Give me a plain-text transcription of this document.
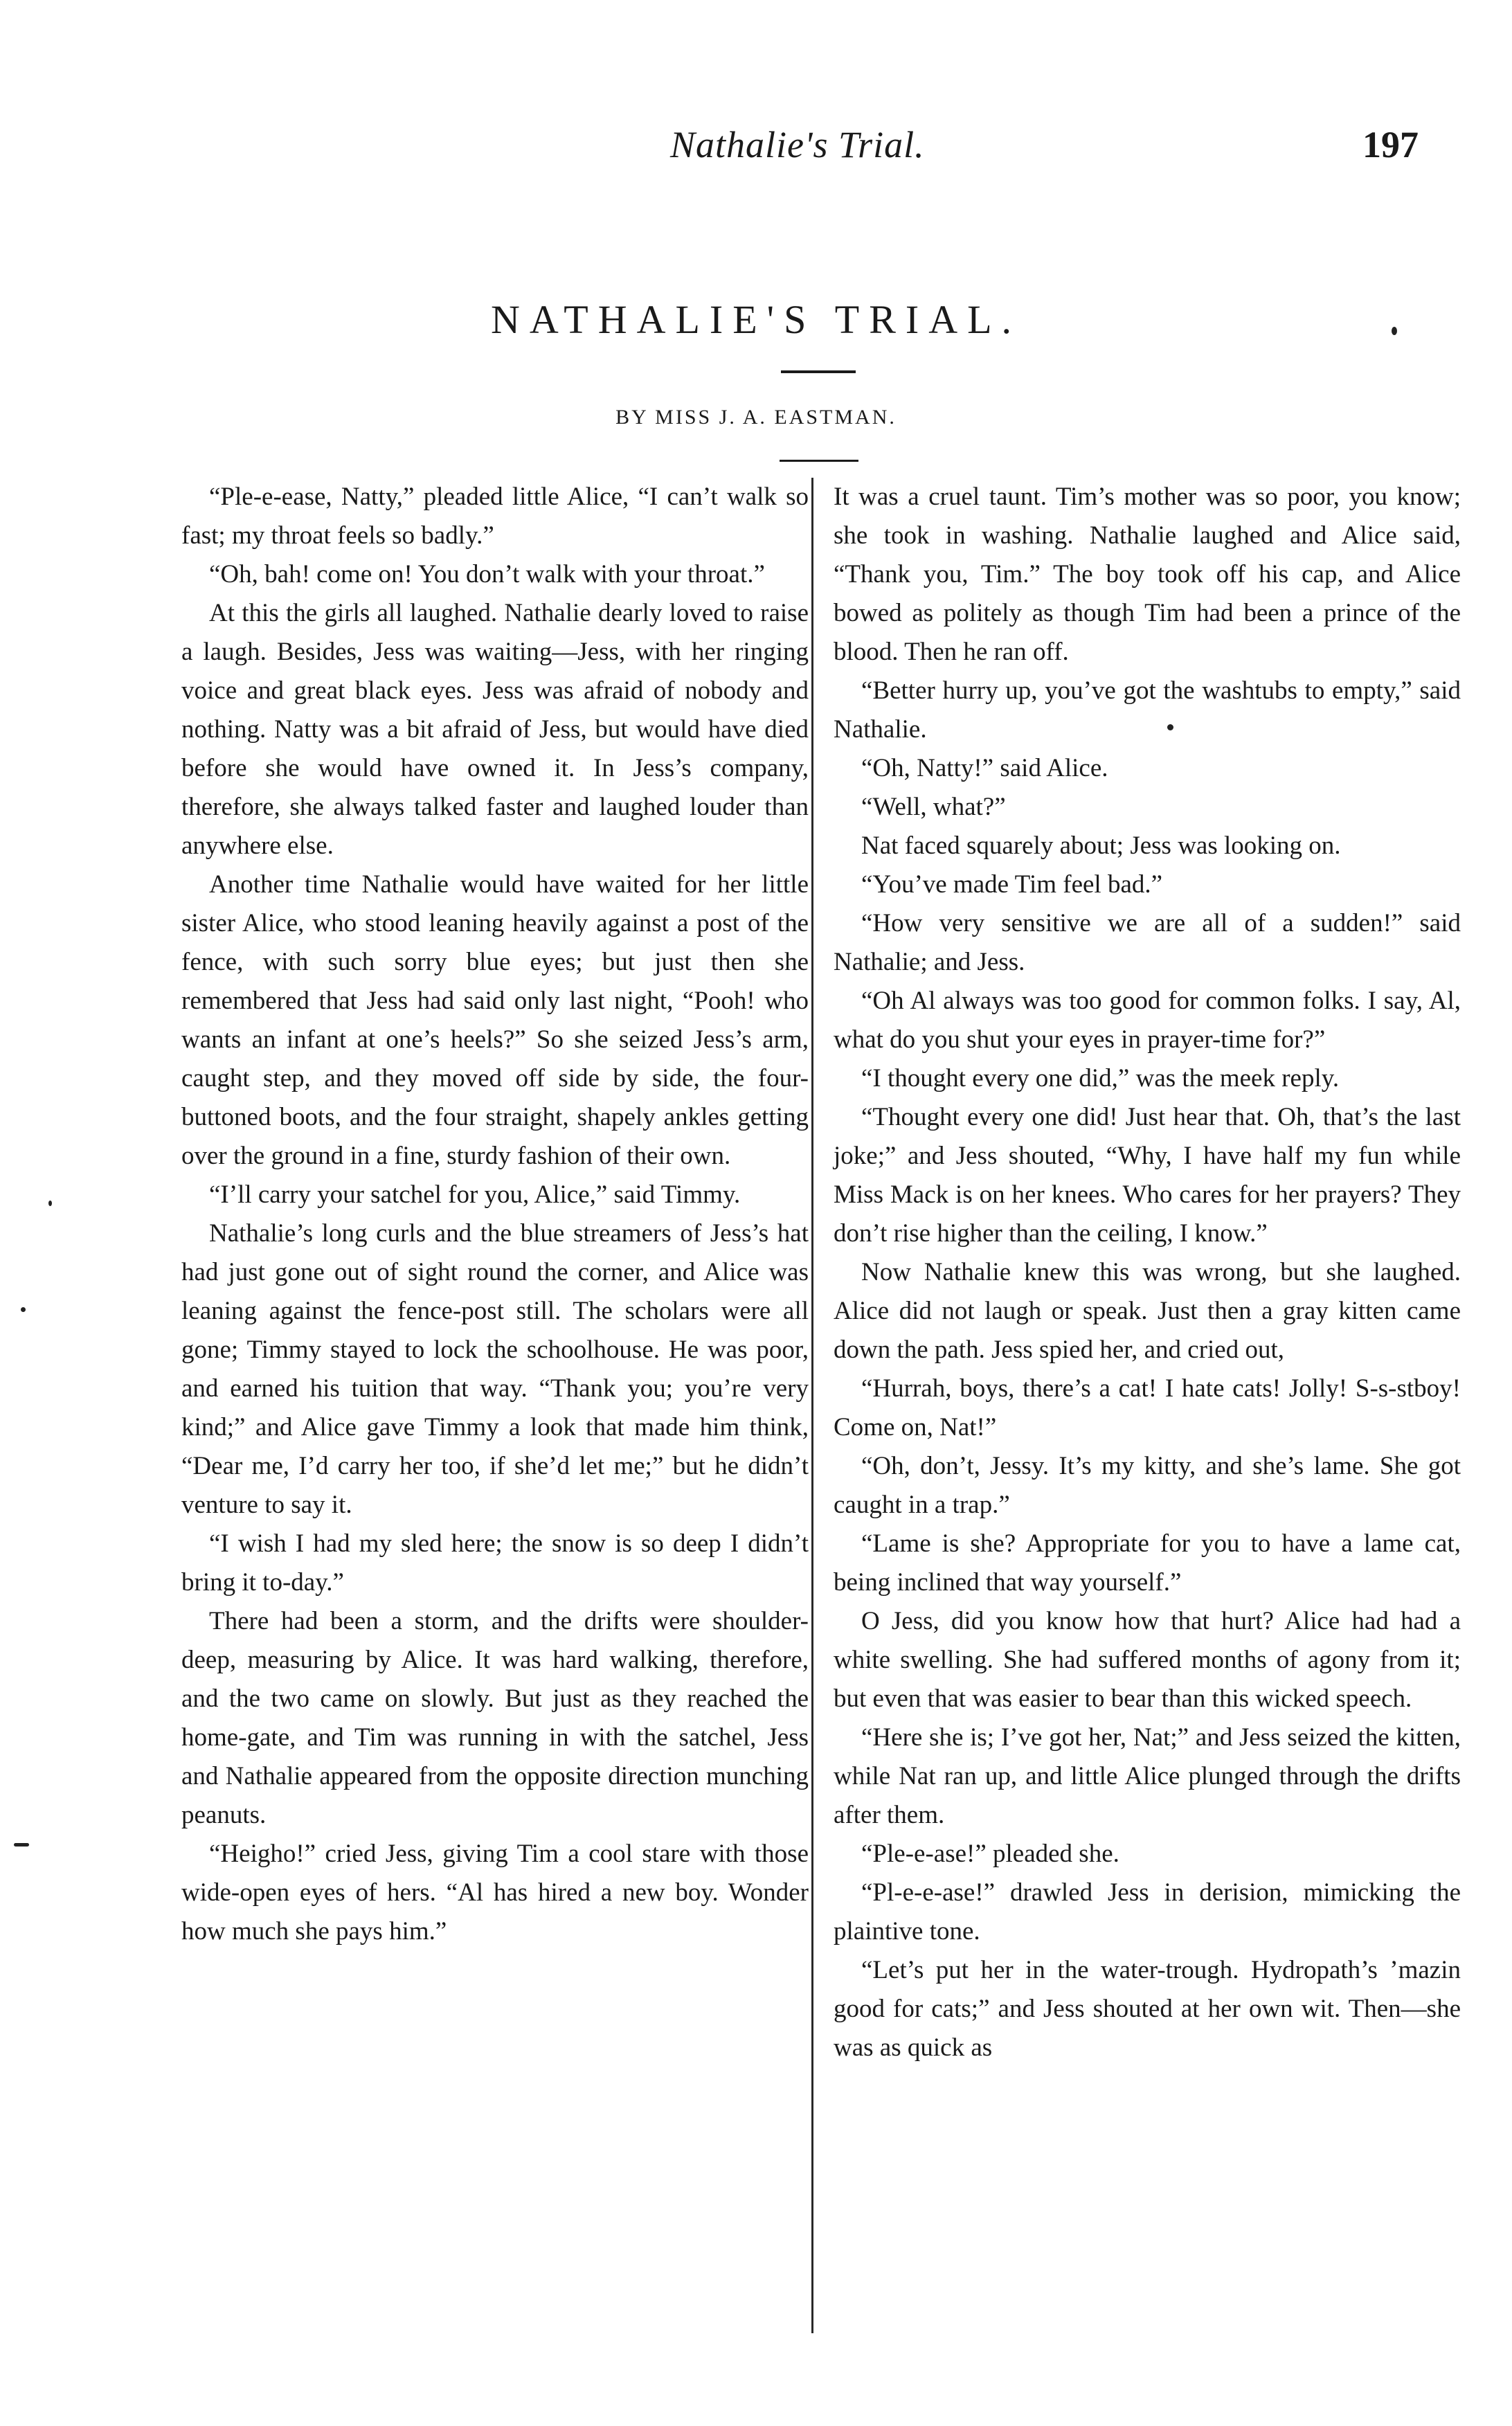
Nathalie's Trial.	197
NATHALIE'S TRIAL.
BY MISS J. A. EASTMAN.

“Ple-e-ease, Natty,” pleaded little Alice, “I can’t walk so fast; my throat feels so badly.”

“Oh, bah! come on! You don’t walk with your throat.”

At this the girls all laughed. Nathalie dearly loved to raise a laugh. Besides, Jess was waiting—Jess, with her ringing voice and great black eyes. Jess was afraid of nobody and nothing. Natty was a bit afraid of Jess, but would have died before she would have owned it. In Jess’s company, therefore, she always talked faster and laughed louder than anywhere else.

Another time Nathalie would have waited for her little sister Alice, who stood leaning heavily against a post of the fence, with such sorry blue eyes; but just then she remembered that Jess had said only last night, “Pooh! who wants an infant at one’s heels?” So she seized Jess’s arm, caught step, and they moved off side by side, the four-buttoned boots, and the four straight, shapely ankles getting over the ground in a fine, sturdy fashion of their own.

“I’ll carry your satchel for you, Alice,” said Timmy.

Nathalie’s long curls and the blue streamers of Jess’s hat had just gone out of sight round the corner, and Alice was leaning against the fence-post still. The scholars were all gone; Timmy stayed to lock the schoolhouse. He was poor, and earned his tuition that way. “Thank you; you’re very kind;” and Alice gave Timmy a look that made him think, “Dear me, I’d carry her too, if she’d let me;” but he didn’t venture to say it.

“I wish I had my sled here; the snow is so deep I didn’t bring it to-day.”

There had been a storm, and the drifts were shoulder-deep, measuring by Alice. It was hard walking, therefore, and the two came on slowly. But just as they reached the home-gate, and Tim was running in with the satchel, Jess and Nathalie appeared from the opposite direction munching peanuts.

“Heigho!” cried Jess, giving Tim a cool stare with those wide-open eyes of hers. “Al has hired a new boy. Wonder how much she pays him.”

It was a cruel taunt. Tim’s mother was so poor, you know; she took in washing. Nathalie laughed and Alice said, “Thank you, Tim.” The boy took off his cap, and Alice bowed as politely as though Tim had been a prince of the blood. Then he ran off.

“Better hurry up, you’ve got the washtubs to empty,” said Nathalie.

“Oh, Natty!” said Alice.

“Well, what?”

Nat faced squarely about; Jess was looking on.

“You’ve made Tim feel bad.”

“How very sensitive we are all of a sudden!” said Nathalie; and Jess.

“Oh Al always was too good for common folks. I say, Al, what do you shut your eyes in prayer-time for?”

“I thought every one did,” was the meek reply.

“Thought every one did! Just hear that. Oh, that’s the last joke;” and Jess shouted, “Why, I have half my fun while Miss Mack is on her knees. Who cares for her prayers? They don’t rise higher than the ceiling, I know.”

Now Nathalie knew this was wrong, but she laughed. Alice did not laugh or speak. Just then a gray kitten came down the path. Jess spied her, and cried out,

“Hurrah, boys, there’s a cat! I hate cats! Jolly! S-s-stboy! Come on, Nat!”

“Oh, don’t, Jessy. It’s my kitty, and she’s lame. She got caught in a trap.”

“Lame is she? Appropriate for you to have a lame cat, being inclined that way yourself.”

O Jess, did you know how that hurt? Alice had had a white swelling. She had suffered months of agony from it; but even that was easier to bear than this wicked speech.

“Here she is; I’ve got her, Nat;” and Jess seized the kitten, while Nat ran up, and little Alice plunged through the drifts after them.

“Ple-e-ase!” pleaded she.

“Pl-e-e-ase!” drawled Jess in derision, mimicking the plaintive tone.

“Let’s put her in the water-trough. Hydropath’s ’mazin good for cats;” and Jess shouted at her own wit. Then—she was as quick as
